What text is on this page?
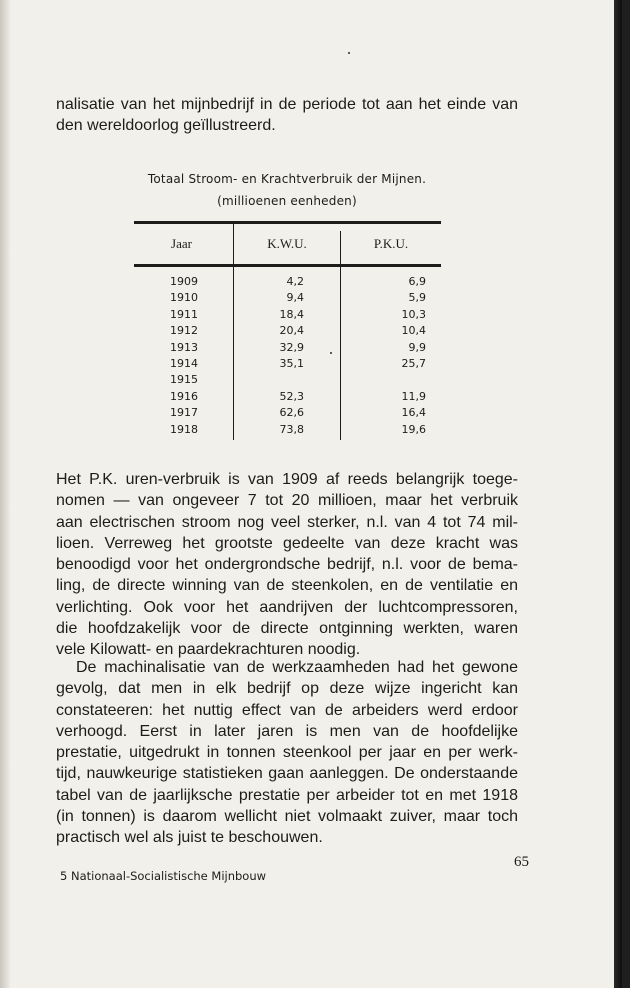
nalisatie van het mijnbedrijf in de periode tot aan het einde van
den wereldoorlog geïllustreerd.
Totaal Stroom- en Krachtverbruik der Mijnen.
(millioenen eenheden)
Jaar	K.W.U.	P.K.U.
1909	4,2	6,9
1910	9,4	5,9
1911	18,4	10,3
1912	20,4	10,4
1913	32,9	9,9
1914	35,1	25,7
1915
1916	52,3	11,9
1917	62,6	16,4
1918	73,8	19,6
Het P.K. uren-verbruik is van 1909 af reeds belangrijk toege-
nomen — van ongeveer 7 tot 20 millioen, maar het verbruik
aan electrischen stroom nog veel sterker, n.l. van 4 tot 74 mil-
lioen. Verreweg het grootste gedeelte van deze kracht was
benoodigd voor het ondergrondsche bedrijf, n.l. voor de bema-
ling, de directe winning van de steenkolen, en de ventilatie en
verlichting. Ook voor het aandrijven der luchtcompressoren,
die hoofdzakelijk voor de directe ontginning werkten, waren
vele Kilowatt- en paardekrachturen noodig.
De machinalisatie van de werkzaamheden had het gewone
gevolg, dat men in elk bedrijf op deze wijze ingericht kan
constateeren: het nuttig effect van de arbeiders werd erdoor
verhoogd. Eerst in later jaren is men van de hoofdelijke
prestatie, uitgedrukt in tonnen steenkool per jaar en per werk-
tijd, nauwkeurige statistieken gaan aanleggen. De onderstaande
tabel van de jaarlijksche prestatie per arbeider tot en met 1918
(in tonnen) is daarom wellicht niet volmaakt zuiver, maar toch
practisch wel als juist te beschouwen.
5 Nationaal-Socialistische Mijnbouw
65
